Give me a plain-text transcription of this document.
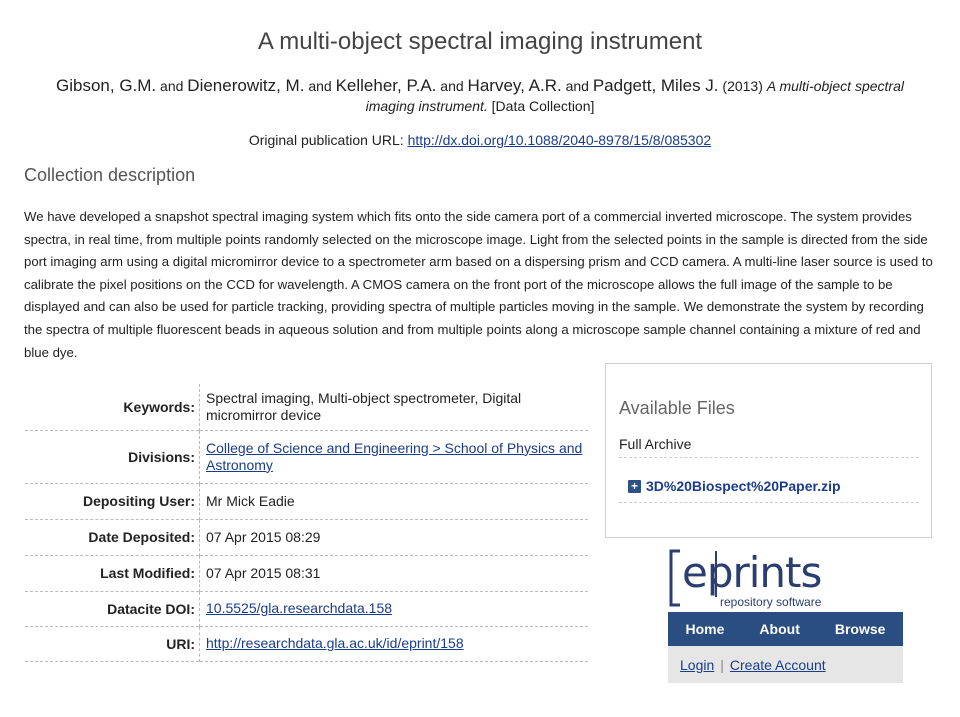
A multi-object spectral imaging instrument
Gibson, G.M. and Dienerowitz, M. and Kelleher, P.A. and Harvey, A.R. and Padgett, Miles J. (2013) A multi-object spectral imaging instrument. [Data Collection]
Original publication URL: http://dx.doi.org/10.1088/2040-8978/15/8/085302
Collection description
We have developed a snapshot spectral imaging system which fits onto the side camera port of a commercial inverted microscope. The system provides spectra, in real time, from multiple points randomly selected on the microscope image. Light from the selected points in the sample is directed from the side port imaging arm using a digital micromirror device to a spectrometer arm based on a dispersing prism and CCD camera. A multi-line laser source is used to calibrate the pixel positions on the CCD for wavelength. A CMOS camera on the front port of the microscope allows the full image of the sample to be displayed and can also be used for particle tracking, providing spectra of multiple particles moving in the sample. We demonstrate the system by recording the spectra of multiple fluorescent beads in aqueous solution and from multiple points along a microscope sample channel containing a mixture of red and blue dye.
Keywords:	Spectral imaging, Multi-object spectrometer, Digital micromirror device
Divisions:	College of Science and Engineering > School of Physics and Astronomy
Depositing User:	Mr Mick Eadie
Date Deposited:	07 Apr 2015 08:29
Last Modified:	07 Apr 2015 08:31
Datacite DOI:	10.5525/gla.researchdata.158
URI:	http://researchdata.gla.ac.uk/id/eprint/158
Available Files
Full Archive
+ 3D%20Biospect%20Paper.zip
eprints
repository software
Home	About	Browse
Login | Create Account
